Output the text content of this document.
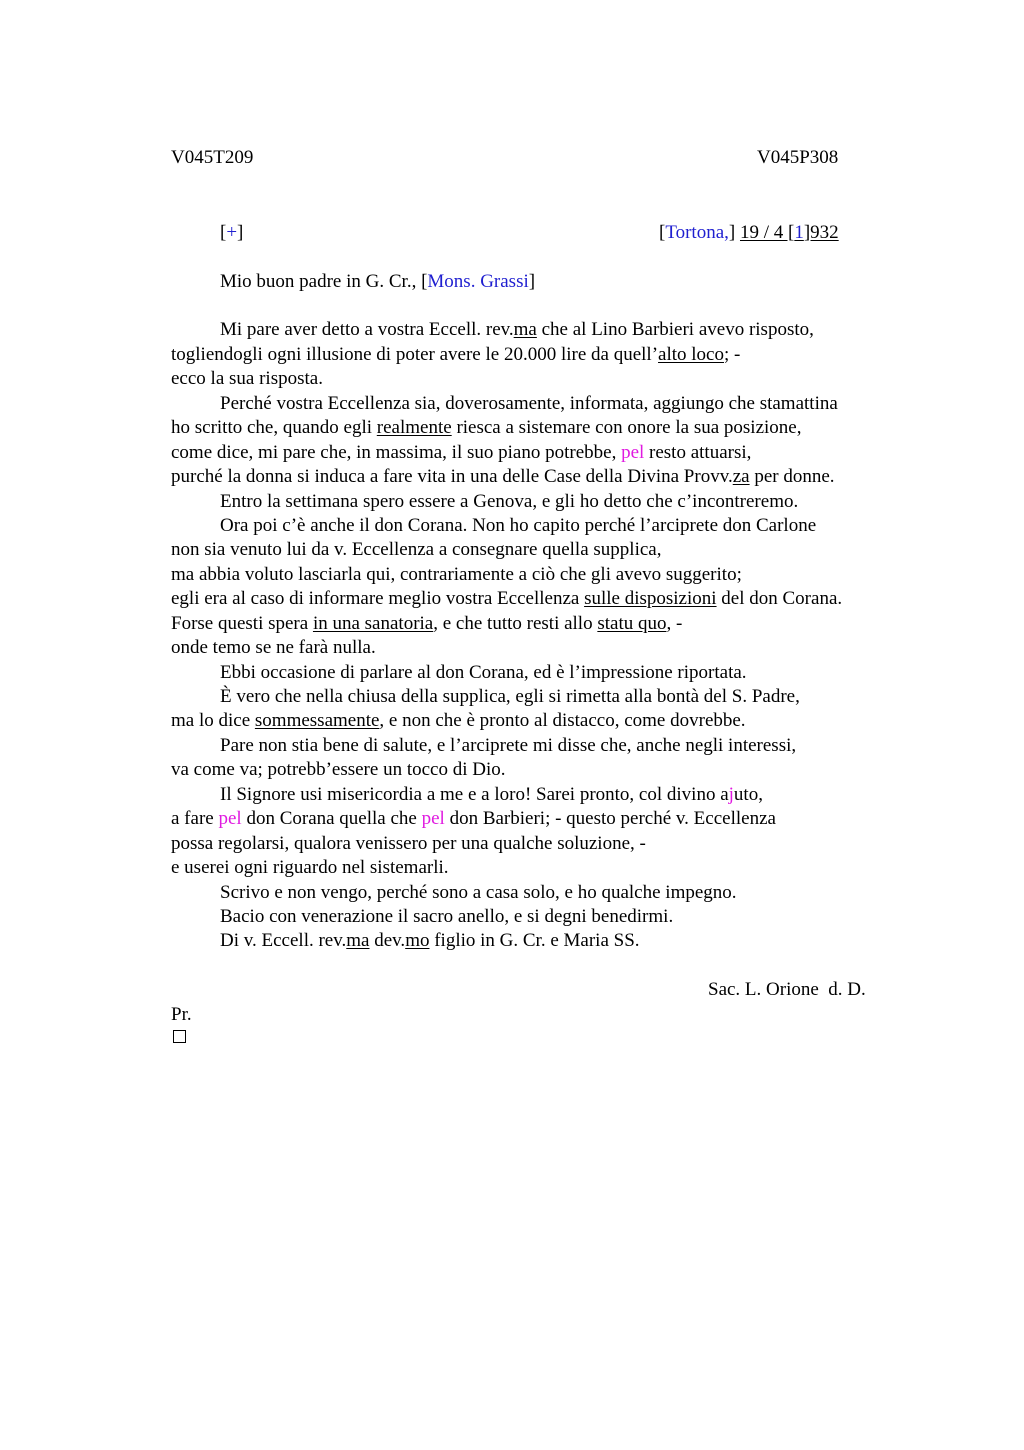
V045T209	V045P308
[+]	[Tortona,] 19 / 4 [1]932
Mio buon padre in G. Cr., [Mons. Grassi]
Mi pare aver detto a vostra Eccell. rev.ma che al Lino Barbieri avevo risposto,
togliendogli ogni illusione di poter avere le 20.000 lire da quell’alto loco; -
ecco la sua risposta.
Perché vostra Eccellenza sia, doverosamente, informata, aggiungo che stamattina
ho scritto che, quando egli realmente riesca a sistemare con onore la sua posizione,
come dice, mi pare che, in massima, il suo piano potrebbe, pel resto attuarsi,
purché la donna si induca a fare vita in una delle Case della Divina Provv.za per donne.
Entro la settimana spero essere a Genova, e gli ho detto che c’incontreremo.
Ora poi c’è anche il don Corana. Non ho capito perché l’arciprete don Carlone
non sia venuto lui da v. Eccellenza a consegnare quella supplica,
ma abbia voluto lasciarla qui, contrariamente a ciò che gli avevo suggerito;
egli era al caso di informare meglio vostra Eccellenza sulle disposizioni del don Corana.
Forse questi spera in una sanatoria, e che tutto resti allo statu quo, -
onde temo se ne farà nulla.
Ebbi occasione di parlare al don Corana, ed è l’impressione riportata.
È vero che nella chiusa della supplica, egli si rimetta alla bontà del S. Padre,
ma lo dice sommessamente, e non che è pronto al distacco, come dovrebbe.
Pare non stia bene di salute, e l’arciprete mi disse che, anche negli interessi,
va come va; potrebb’essere un tocco di Dio.
Il Signore usi misericordia a me e a loro! Sarei pronto, col divino ajuto,
a fare pel don Corana quella che pel don Barbieri; - questo perché v. Eccellenza
possa regolarsi, qualora venissero per una qualche soluzione, -
e userei ogni riguardo nel sistemarli.
Scrivo e non vengo, perché sono a casa solo, e ho qualche impegno.
Bacio con venerazione il sacro anello, e si degni benedirmi.
Di v. Eccell. rev.ma dev.mo figlio in G. Cr. e Maria SS.
Sac. L. Orione  d. D.
Pr.
